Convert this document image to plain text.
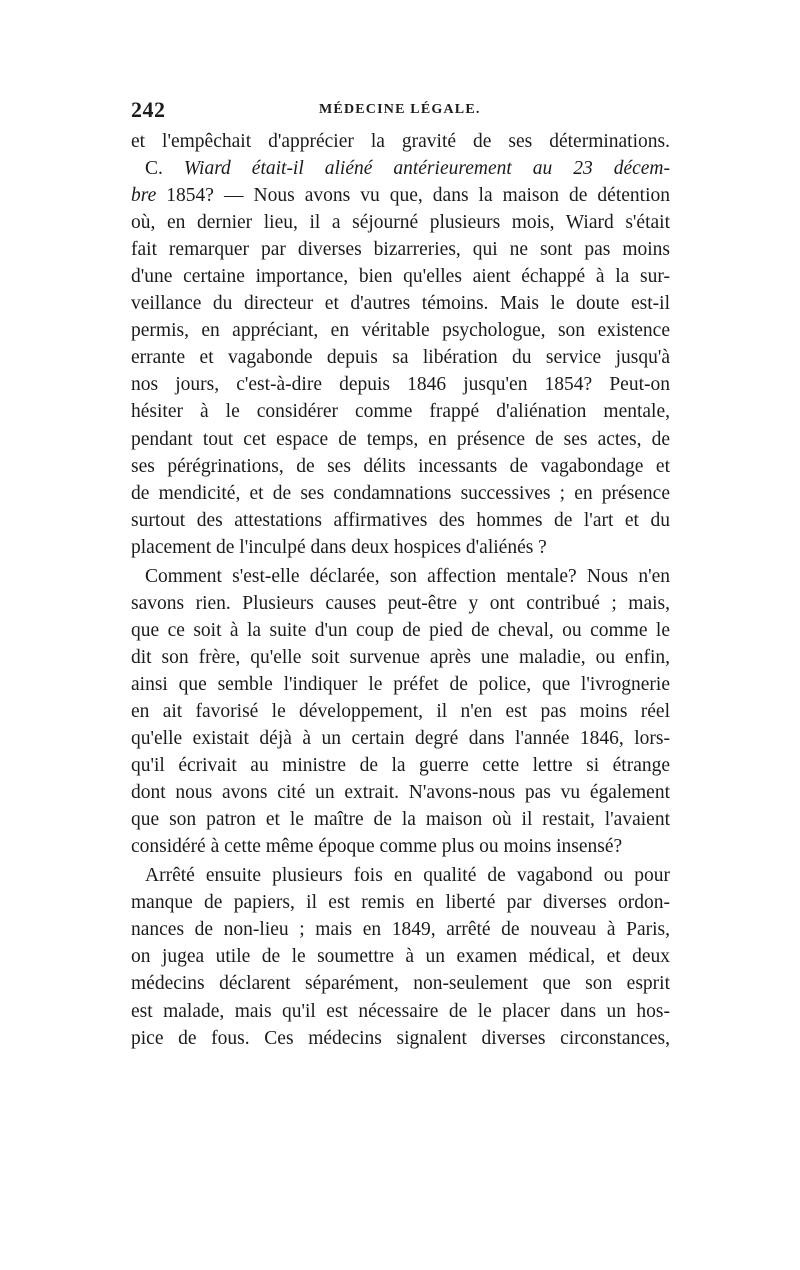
242	MÉDECINE LÉGALE.
et l'empêchait d'apprécier la gravité de ses déterminations.
C. Wiard était-il aliéné antérieurement au 23 décem-
bre 1854? — Nous avons vu que, dans la maison de détention
où, en dernier lieu, il a séjourné plusieurs mois, Wiard s'était
fait remarquer par diverses bizarreries, qui ne sont pas moins
d'une certaine importance, bien qu'elles aient échappé à la sur-
veillance du directeur et d'autres témoins. Mais le doute est-il
permis, en appréciant, en véritable psychologue, son existence
errante et vagabonde depuis sa libération du service jusqu'à
nos jours, c'est-à-dire depuis 1846 jusqu'en 1854? Peut-on
hésiter à le considérer comme frappé d'aliénation mentale,
pendant tout cet espace de temps, en présence de ses actes, de
ses pérégrinations, de ses délits incessants de vagabondage et
de mendicité, et de ses condamnations successives ; en présence
surtout des attestations affirmatives des hommes de l'art et du
placement de l'inculpé dans deux hospices d'aliénés ?
Comment s'est-elle déclarée, son affection mentale? Nous n'en
savons rien. Plusieurs causes peut-être y ont contribué ; mais,
que ce soit à la suite d'un coup de pied de cheval, ou comme le
dit son frère, qu'elle soit survenue après une maladie, ou enfin,
ainsi que semble l'indiquer le préfet de police, que l'ivrognerie
en ait favorisé le développement, il n'en est pas moins réel
qu'elle existait déjà à un certain degré dans l'année 1846, lors-
qu'il écrivait au ministre de la guerre cette lettre si étrange
dont nous avons cité un extrait. N'avons-nous pas vu également
que son patron et le maître de la maison où il restait, l'avaient
considéré à cette même époque comme plus ou moins insensé?
Arrêté ensuite plusieurs fois en qualité de vagabond ou pour
manque de papiers, il est remis en liberté par diverses ordon-
nances de non-lieu ; mais en 1849, arrêté de nouveau à Paris,
on jugea utile de le soumettre à un examen médical, et deux
médecins déclarent séparément, non-seulement que son esprit
est malade, mais qu'il est nécessaire de le placer dans un hos-
pice de fous. Ces médecins signalent diverses circonstances,
